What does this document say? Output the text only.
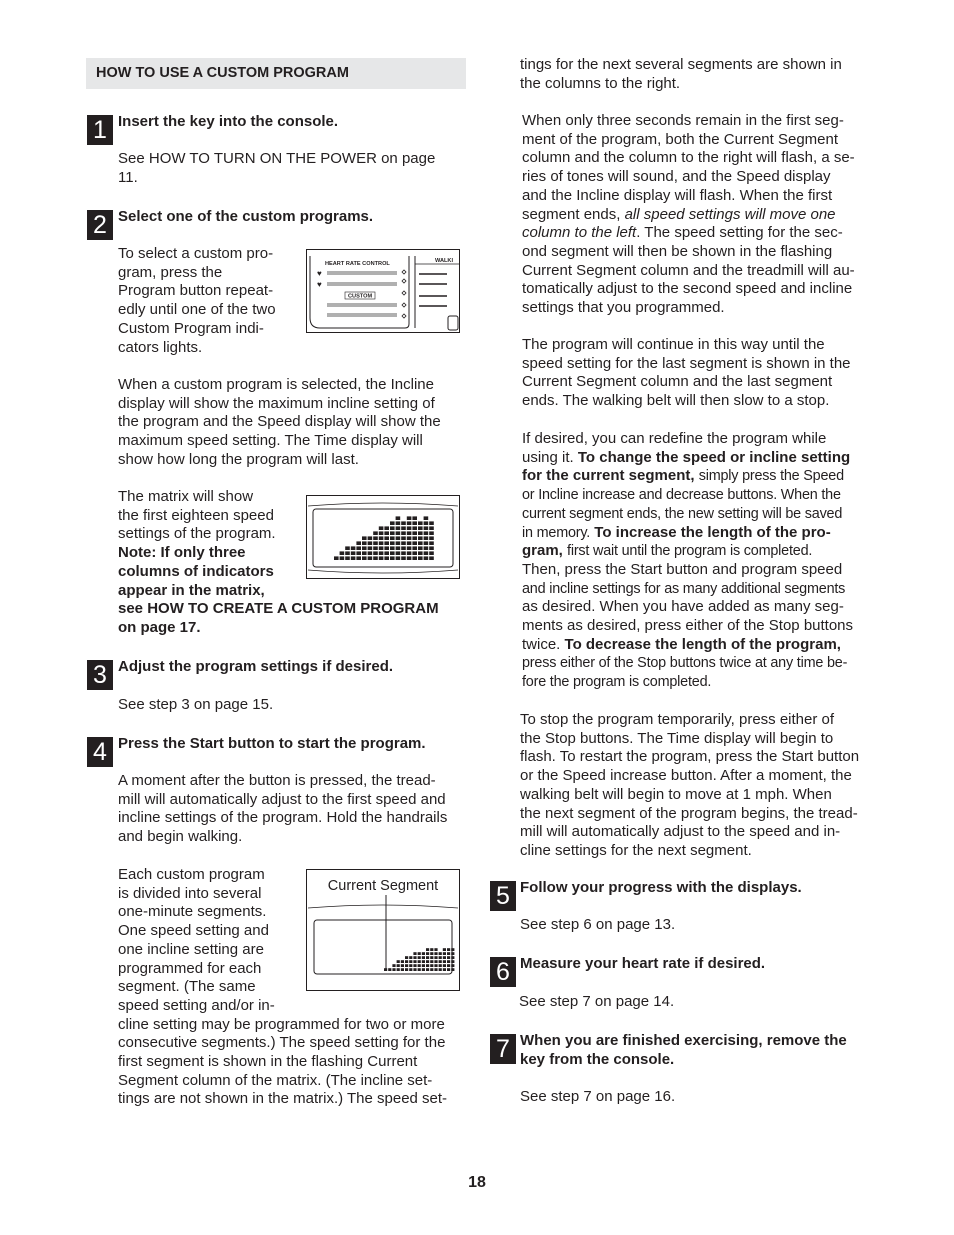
HOW TO USE A CUSTOM PROGRAM
1 Insert the key into the console.

See HOW TO TURN ON THE POWER on page

11.

2 Select one of the custom programs.

To select a custom pro-

gram, press the

Program button repeat-

edly until one of the two

Custom Program indi-

cators lights.

HEART RATE CONTROL	WALKI
♥
♥
CUSTOM

When a custom program is selected, the Incline

display will show the maximum incline setting of

the program and the Speed display will show the

maximum speed setting. The Time display will

show how long the program will last.

The matrix will show

the first eighteen speed

settings of the program.

Note: If only three

columns of indicators

appear in the matrix,

see HOW TO CREATE A CUSTOM PROGRAM

on page 17.

3 Adjust the program settings if desired.
See step 3 on page 15.
4 Press the Start button to start the program.

A moment after the button is pressed, the tread-

mill will automatically adjust to the first speed and

incline settings of the program. Hold the handrails

and begin walking.

Each custom program

is divided into several

one-minute segments.

One speed setting and

one incline setting are

programmed for each

segment. (The same

speed setting and/or in-

cline setting may be programmed for two or more

consecutive segments.) The speed setting for the

first segment is shown in the flashing Current

Segment column of the matrix. (The incline set-

tings are not shown in the matrix.) The speed set-

Current Segment

tings for the next several segments are shown in

the columns to the right.

When only three seconds remain in the first seg-

ment of the program, both the Current Segment

column and the column to the right will flash, a se-

ries of tones will sound, and the Speed display

and the Incline display will flash. When the first

segment ends, all speed settings will move one

column to the left. The speed setting for the sec-

ond segment will then be shown in the flashing

Current Segment column and the treadmill will au-

tomatically adjust to the second speed and incline

settings that you programmed.

The program will continue in this way until the

speed setting for the last segment is shown in the

Current Segment column and the last segment

ends. The walking belt will then slow to a stop.

If desired, you can redefine the program while

using it. To change the speed or incline setting

for the current segment, simply press the Speed

or Incline increase and decrease buttons. When the

current segment ends, the new setting will be saved

in memory. To increase the length of the pro-

gram, first wait until the program is completed.

Then, press the Start button and program speed

and incline settings for as many additional segments

as desired. When you have added as many seg-

ments as desired, press either of the Stop buttons

twice. To decrease the length of the program,

press either of the Stop buttons twice at any time be-

fore the program is completed.

To stop the program temporarily, press either of

the Stop buttons. The Time display will begin to

flash. To restart the program, press the Start button

or the Speed increase button. After a moment, the

walking belt will begin to move at 1 mph. When

the next segment of the program begins, the tread-

mill will automatically adjust to the speed and in-

cline settings for the next segment.

5 Follow your progress with the displays.
See step 6 on page 13.
6 Measure your heart rate if desired.
See step 7 on page 14.
7 When you are finished exercising, remove the
key from the console.
See step 7 on page 16.
18
